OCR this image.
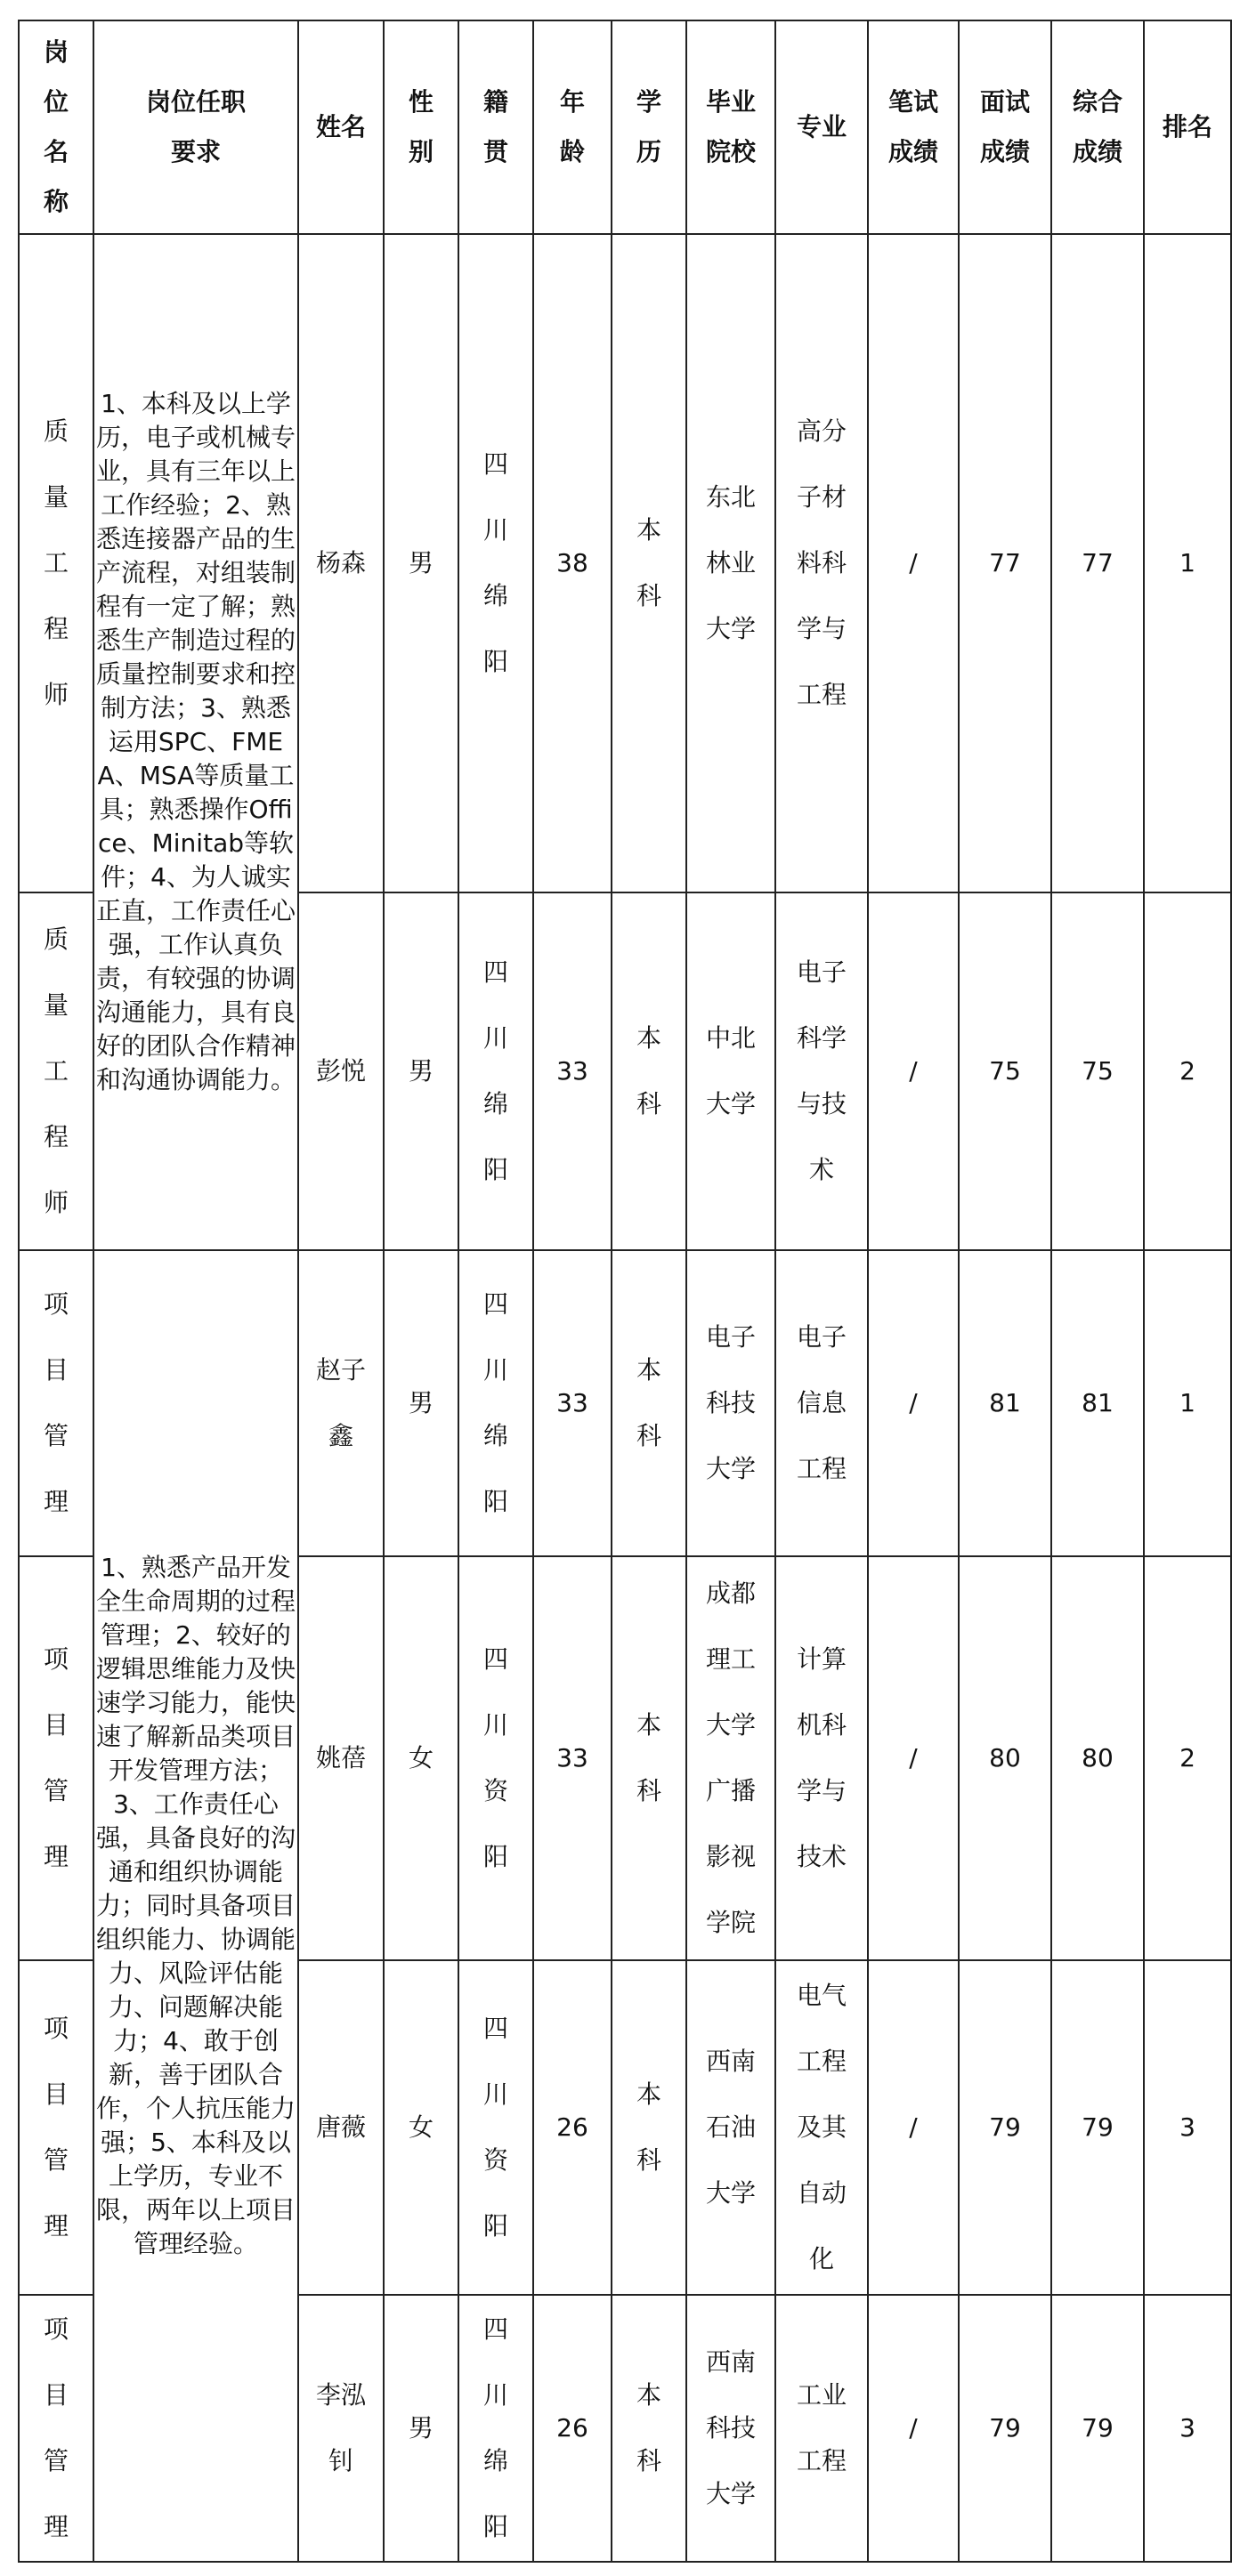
岗位名称	岗位任职要求	姓名	性别	籍贯	年龄	学历	毕业院校	专业	笔试成绩	面试成绩	综合成绩	排名

质量工程师	1、本科及以上学历，电子或机械专业，具有三年以上工作经验；2、熟悉连接器产品的生产流程，对组装制程有一定了解；熟悉生产制造过程的质量控制要求和控制方法；3、熟悉运用SPC、FMEA、MSA等质量工具；熟悉操作Office、Minitab等软件；4、为人诚实正直，工作责任心强，工作认真负责，有较强的协调沟通能力，具有良好的团队合作精神和沟通协调能力。	杨森	男	四川绵阳	38	本科	东北林业大学	高分子材料科学与工程	/	77	77	1

质量工程师		彭悦	男	四川绵阳	33	本科	中北大学	电子科学与技术	/	75	75	2

项目管理	1、熟悉产品开发全生命周期的过程管理；2、较好的逻辑思维能力及快速学习能力，能快速了解新品类项目开发管理方法；3、工作责任心强，具备良好的沟通和组织协调能力；同时具备项目组织能力、协调能力、风险评估能力、问题解决能力；4、敢于创新，善于团队合作，个人抗压能力强；5、本科及以上学历，专业不限，两年以上项目管理经验。	赵子鑫	男	四川绵阳	33	本科	电子科技大学	电子信息工程	/	81	81	1

项目管理		姚蓓	女	四川资阳	33	本科	成都理工大学广播影视学院	计算机科学与技术	/	80	80	2

项目管理		唐薇	女	四川资阳	26	本科	西南石油大学	电气工程及其自动化	/	79	79	3

项目管理		李泓钊	男	四川绵阳	26	本科	西南科技大学	工业工程	/	79	79	3
